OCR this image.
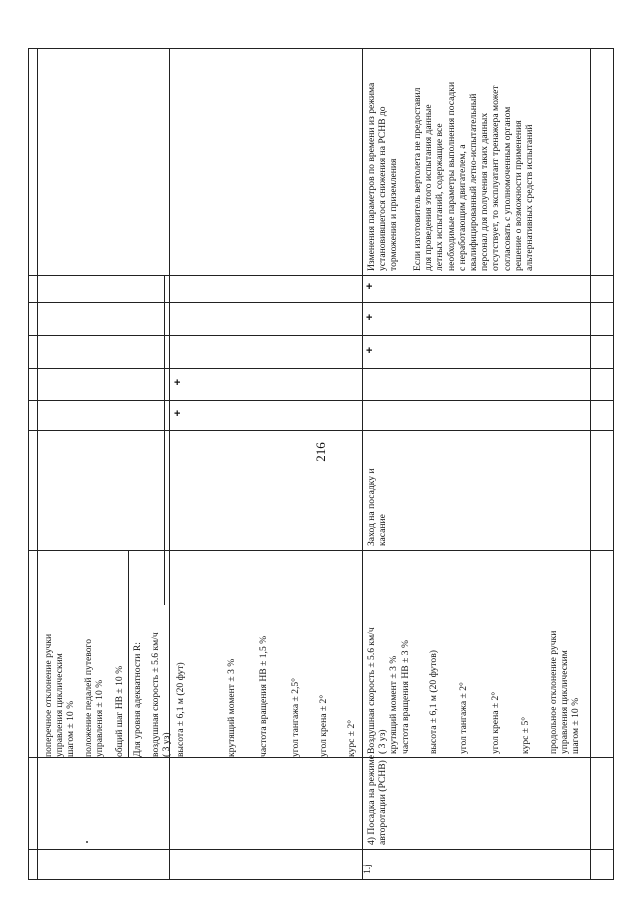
216
поперечное отклонение ручки управления циклическим шагом ± 10 % положение педалей путевого управления ± 10 % общий шаг НВ ± 10 % Для уровня адекватности R: воздушная скорость ± 5.6 км/ч ( 3 уз) высота ± 6,1 м (20 фут)	крутящий момент ± 3 % частота вращения НВ ± 1,5 % угол тангажа ± 2,5° угол крена ± 2° курс ± 2°
1.j
4) Посадка на режиме авторотации (РСНВ)
Воздушная скорость ± 5.6 км/ч ( 3 уз) крутящий момент ± 3 % частота вращения НВ ± 3 % высота ± 6,1 м (20 футов) угол тангажа ± 2° угол крена ± 2° курс ± 5° продольное отклонение ручки управления циклическим шагом ± 10 %
Заход на посадку и касание
+
+
+
+
+
Изменения параметров по времени из режима установившегося снижения на РСНВ до торможения и приземления Если изготовитель вертолета не предоставил для проведения этого испытания данные летных испытаний, содержащие все необходимые параметры выполнения посадки с неработающим двигателем, а квалифицированный летно-испытательный персонал для получения таких данных отсутствует, то эксплуатант тренажера может согласовать с уполномоченным органом решение о возможности применения альтернативных средств испытаний
